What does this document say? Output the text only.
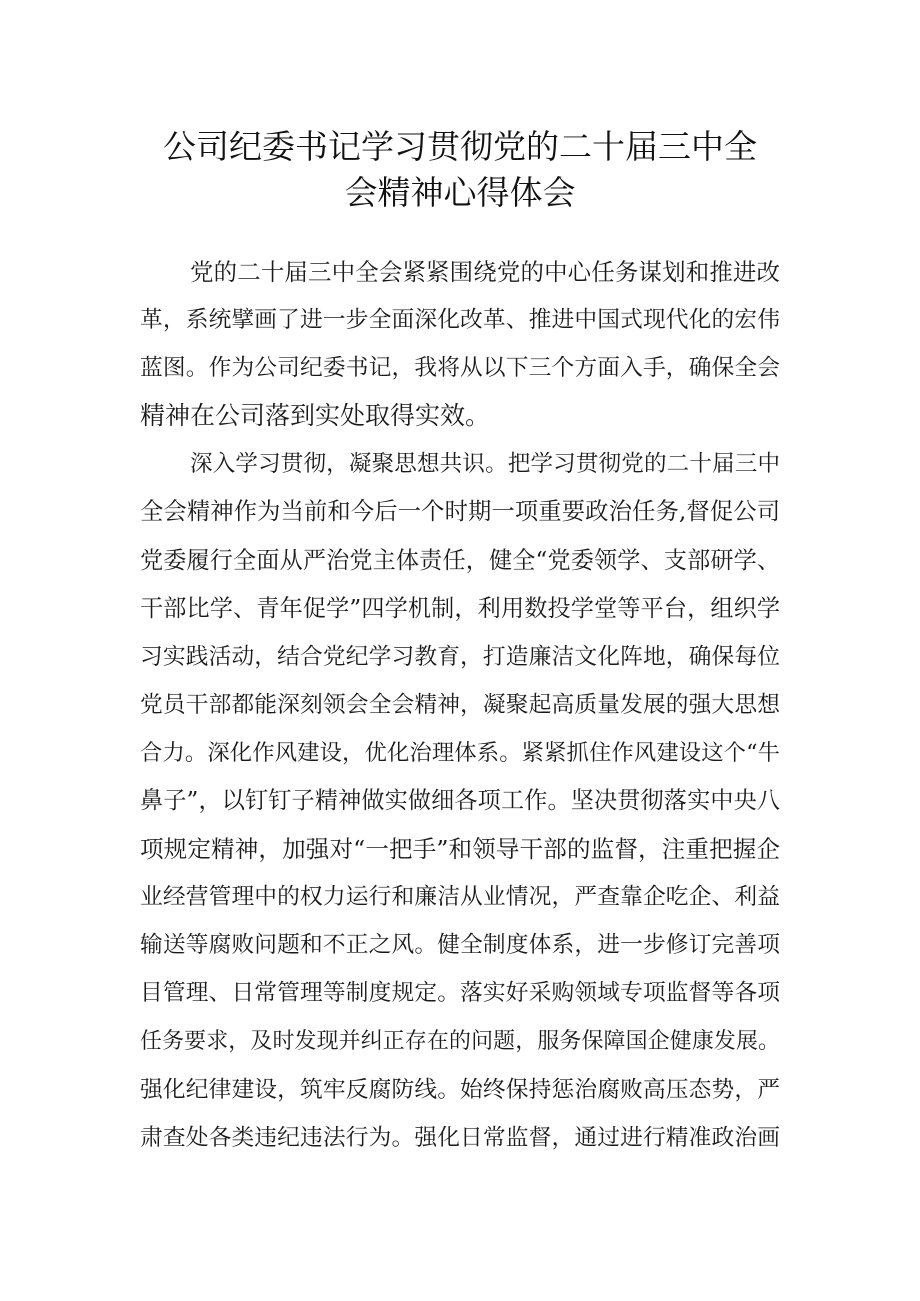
公司纪委书记学习贯彻党的二十届三中全
会精神心得体会
党的二十届三中全会紧紧围绕党的中心任务谋划和推进改
革，系统擘画了进一步全面深化改革、推进中国式现代化的宏伟
蓝图。作为公司纪委书记，我将从以下三个方面入手，确保全会
精神在公司落到实处取得实效。
深入学习贯彻，凝聚思想共识。把学习贯彻党的二十届三中
全会精神作为当前和今后一个时期一项重要政治任务,督促公司
党委履行全面从严治党主体责任，健全“党委领学、支部研学、
干部比学、青年促学”四学机制，利用数投学堂等平台，组织学
习实践活动，结合党纪学习教育，打造廉洁文化阵地，确保每位
党员干部都能深刻领会全会精神，凝聚起高质量发展的强大思想
合力。深化作风建设，优化治理体系。紧紧抓住作风建设这个“牛
鼻子”，以钉钉子精神做实做细各项工作。坚决贯彻落实中央八
项规定精神，加强对“一把手”和领导干部的监督，注重把握企
业经营管理中的权力运行和廉洁从业情况，严查靠企吃企、利益
输送等腐败问题和不正之风。健全制度体系，进一步修订完善项
目管理、日常管理等制度规定。落实好采购领域专项监督等各项
任务要求，及时发现并纠正存在的问题，服务保障国企健康发展。
强化纪律建设，筑牢反腐防线。始终保持惩治腐败高压态势，严
肃查处各类违纪违法行为。强化日常监督，通过进行精准政治画
